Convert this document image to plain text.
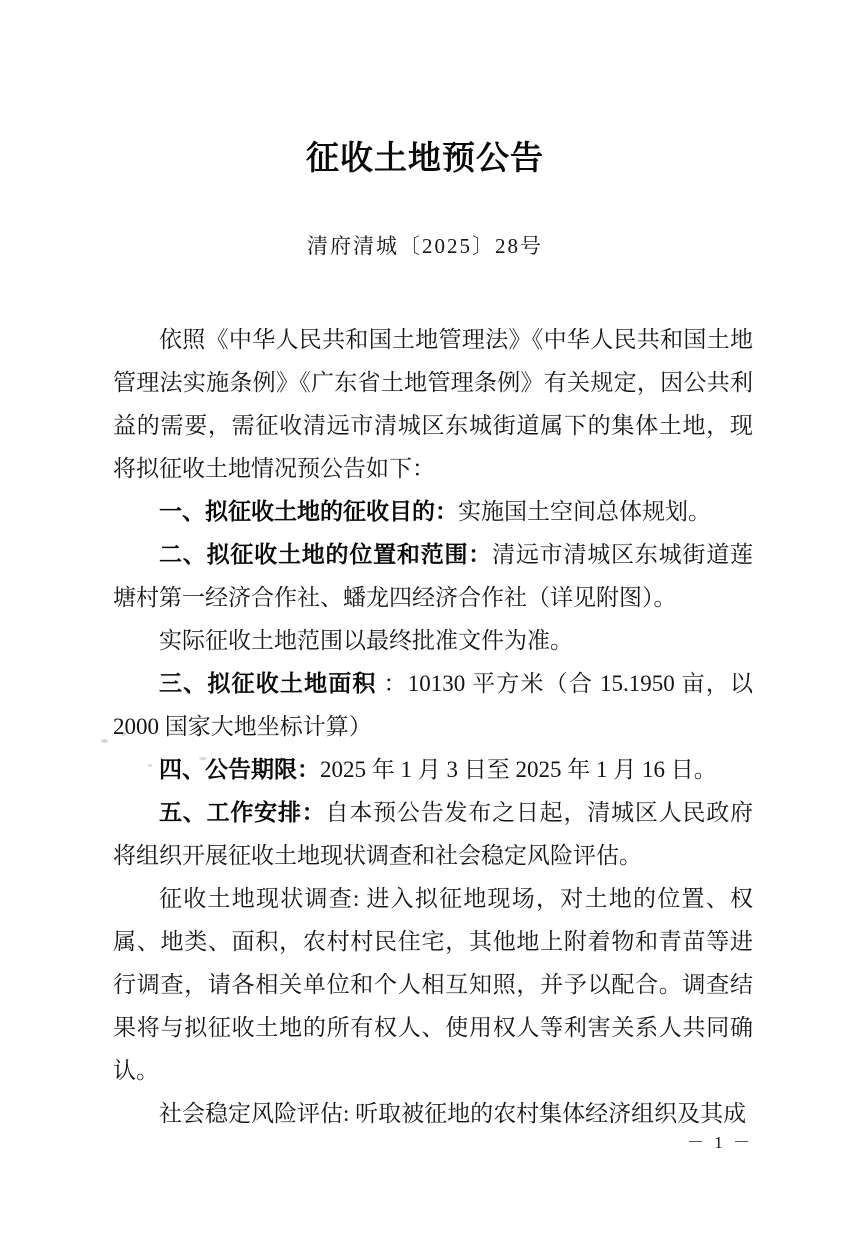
征收土地预公告
清府清城〔2025〕28号

依照《中华人民共和国土地管理法》《中华人民共和国土地管理法实施条例》《广东省土地管理条例》有关规定，因公共利益的需要，需征收清远市清城区东城街道属下的集体土地，现将拟征收土地情况预公告如下：

一、拟征收土地的征收目的：实施国土空间总体规划。

二、拟征收土地的位置和范围：清远市清城区东城街道莲塘村第一经济合作社、蟠龙四经济合作社（详见附图）。

实际征收土地范围以最终批准文件为准。

三、拟征收土地面积 ：10130 平方米（合 15.1950 亩，以 2000 国家大地坐标计算）

四、公告期限：2025 年 1 月 3 日至 2025 年 1 月 16 日。

五、工作安排：自本预公告发布之日起，清城区人民政府将组织开展征收土地现状调查和社会稳定风险评估。

征收土地现状调查: 进入拟征地现场，对土地的位置、权属、地类、面积，农村村民住宅，其他地上附着物和青苗等进行调查，请各相关单位和个人相互知照，并予以配合。调查结果将与拟征收土地的所有权人、使用权人等利害关系人共同确认。

社会稳定风险评估: 听取被征地的农村集体经济组织及其成

－ 1 －
